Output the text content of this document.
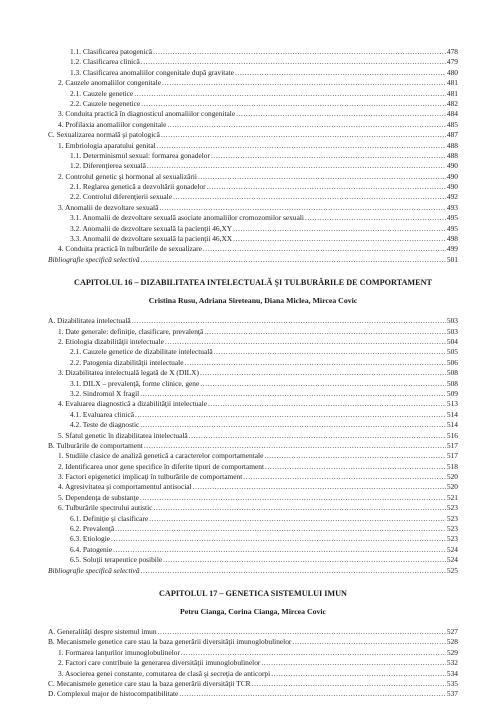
1.1. Clasificarea patogenică .....	478
1.2. Clasificarea clinică .....	479
1.3. Clasificarea anomaliilor congenitale după gravitate .....	480
2. Cauzele anomaliilor congenitale .....	481
2.1. Cauzele genetice .....	481
2.2. Cauzele negenetice .....	482
3. Conduita practică în diagnosticul anomaliilor congenitale .....	484
4. Profilaxia anomaliilor congenitale .....	485
C. Sexualizarea normală şi patologică .....	487
1. Embriologia aparatului genital .....	488
1.1. Determinismul sexual: formarea gonadelor .....	488
1.2. Diferenţierea sexuală .....	490
2. Controlul genetic şi hormonal al sexualizării .....	490
2.1. Reglarea genetică a dezvoltării gonadelor .....	490
2.2. Controlul diferenţierii sexuale .....	492
3. Anomalii de dezvoltare sexuală .....	493
3.1. Anomalii de dezvoltare sexuală asociate anomaliilor cromozomilor sexuali .....	495
3.2. Anomalii de dezvoltare sexuală la pacienţii 46,XY .....	495
3.3. Anomalii de dezvoltare sexuală la pacienţii 46,XX .....	498
4. Conduita practică în tulburările de sexualizare .....	499
Bibliografie specifică selectivă .....	501
CAPITOLUL 16 – DIZABILITATEA INTELECTUALĂ ŞI TULBURĂRILE DE COMPORTAMENT
Cristina Rusu, Adriana Sireteanu, Diana Miclea, Mircea Covic
A. Dizabilitatea intelectuală .....	503
1. Date generale: definiţie, clasificare, prevalenţă .....	503
2. Etiologia dizabilităţii intelectuale .....	504
2.1. Cauzele genetice de dizabilitate intelectuală .....	505
2.2. Patogenia dizabilităţii intelectuale .....	506
3. Dizabilitatea intelectuală legată de X (DILX) .....	508
3.1. DILX – prevalenţă, forme clinice, gene .....	508
3.2. Sindromul X fragil .....	509
4. Evaluarea diagnostică a dizabilităţii intelectuale .....	513
4.1. Evaluarea clinică .....	514
4.2. Teste de diagnostic .....	514
5. Sfatul genetic în dizabilitatea intelectuală .....	516
B. Tulburările de comportament .....	517
1. Studiile clasice de analiză genetică a caracterelor comportamentale .....	517
2. Identificarea unor gene specifice în diferite tipuri de comportament .....	518
3. Factori epigenetici implicaţi în tulburările de comportament .....	520
4. Agresivitatea şi comportamentul antisocial .....	520
5. Dependenţa de substanţe .....	521
6. Tulburările spectrului autistic .....	523
6.1. Definiţie şi clasificare .....	523
6.2. Prevalenţă .....	523
6.3. Etiologie .....	523
6.4. Patogenie .....	524
6.5. Soluţii terapeutice posibile .....	524
Bibliografie specifică selectivă .....	525
CAPITOLUL 17 – GENETICA SISTEMULUI IMUN
Petru Cianga, Corina Cianga, Mircea Covic
A. Generalităţi despre sistemul imun .....	527
B. Mecanismele genetice care stau la baza generării diversităţii imunoglobulinelor .....	528
1. Formarea lanţurilor imunoglobulinelor .....	529
2. Factori care contribuie la generarea diversităţii imunoglobulinelor .....	532
3. Asocierea genei constante, comutarea de clasă şi secreţia de anticorpi .....	534
C. Mecanismele genetice care stau la baza generării diversităţii TCR .....	535
D. Complexul major de histocompatibilitate .....	537
